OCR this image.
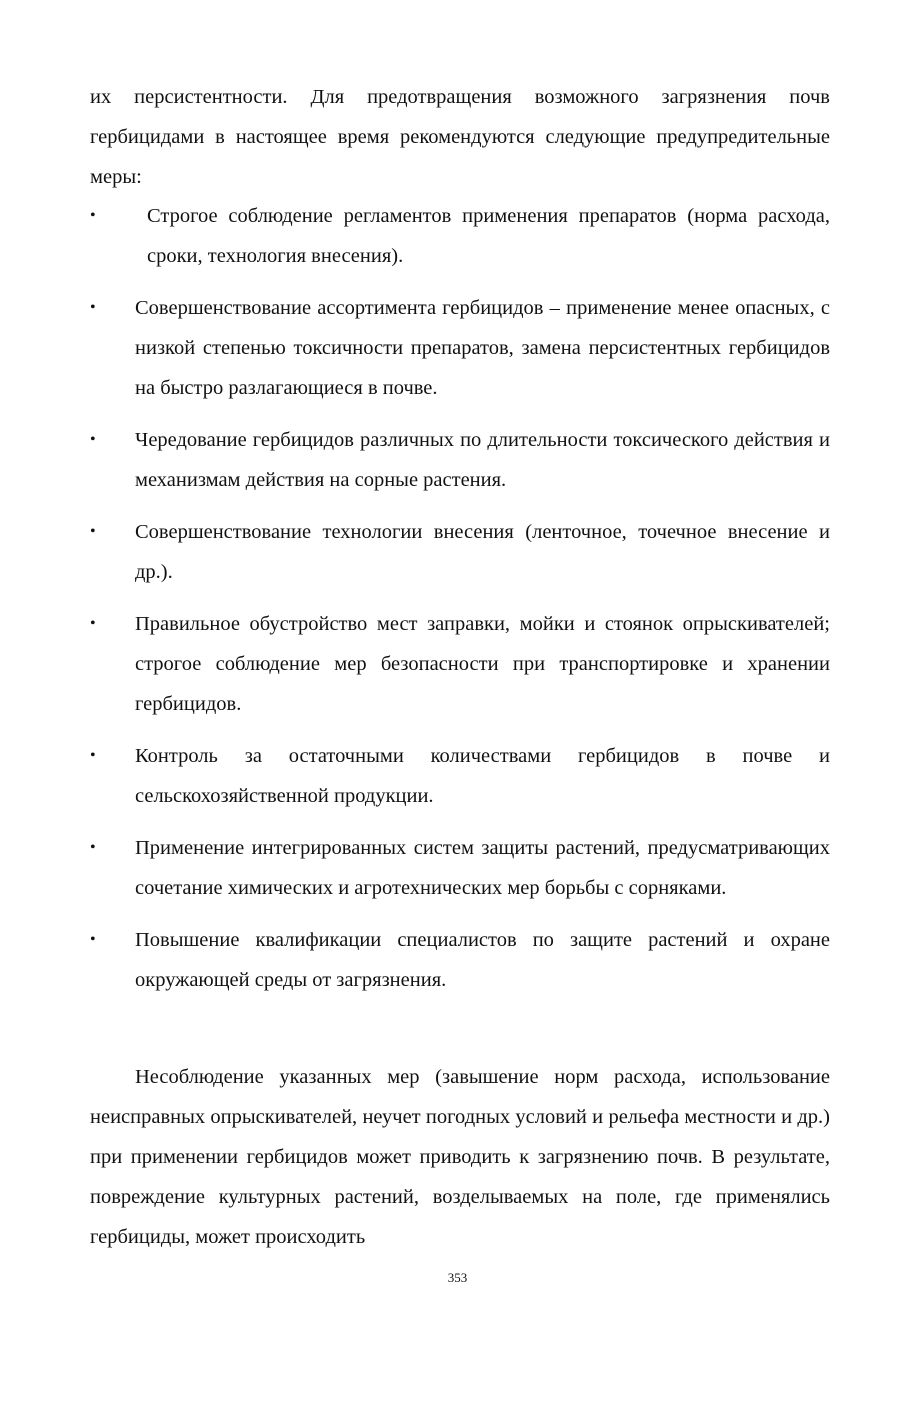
их персистентности. Для предотвращения возможного загрязнения почв гербицидами в настоящее время рекомендуются следующие предупредительные меры:

•	Строгое соблюдение регламентов применения препаратов (норма расхода, сроки, технология внесения).
• Совершенствование ассортимента гербицидов – применение менее опасных, с низкой степенью токсичности препаратов, замена персистентных гербицидов на быстро разлагающиеся в почве.
• Чередование гербицидов различных по длительности токсического действия и механизмам действия на сорные растения.
• Совершенствование технологии внесения (ленточное, точечное внесение и др.).
• Правильное обустройство мест заправки, мойки и стоянок опрыскивателей; строгое соблюдение мер безопасности при транспортировке и хранении гербицидов.
• Контроль за остаточными количествами гербицидов в почве и сельскохозяйственной продукции.
• Применение интегрированных систем защиты растений, предусматривающих сочетание химических и агротехнических мер борьбы с сорняками.
• Повышение квалификации специалистов по защите растений и охране окружающей среды от загрязнения.

Несоблюдение указанных мер (завышение норм расхода, использование неисправных опрыскивателей, неучет погодных условий и рельефа местности и др.) при применении гербицидов может приводить к загрязнению почв. В результате, повреждение культурных растений, возделываемых на поле, где применялись гербициды, может происходить

353
